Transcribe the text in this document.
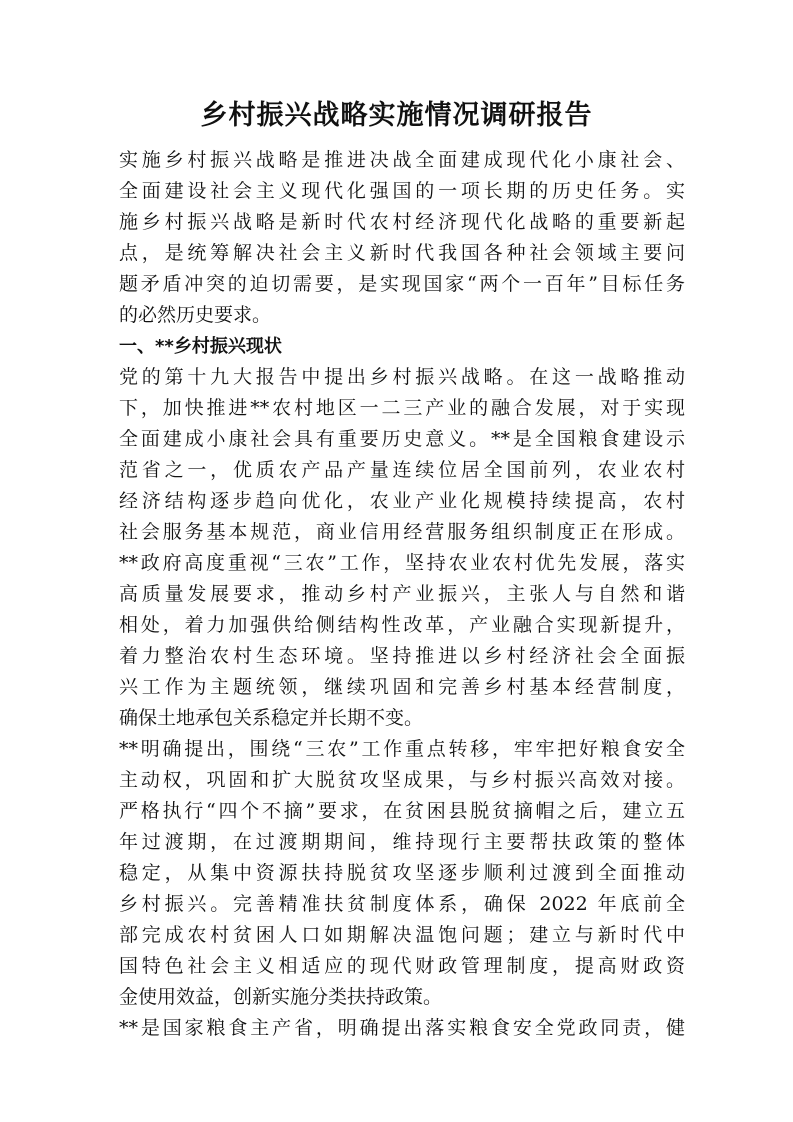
乡村振兴战略实施情况调研报告
实施乡村振兴战略是推进决战全面建成现代化小康社会、
全面建设社会主义现代化强国的一项长期的历史任务。实
施乡村振兴战略是新时代农村经济现代化战略的重要新起
点，是统筹解决社会主义新时代我国各种社会领域主要问
题矛盾冲突的迫切需要，是实现国家“两个一百年”目标任务
的必然历史要求。
一、**乡村振兴现状
党的第十九大报告中提出乡村振兴战略。在这一战略推动
下，加快推进**农村地区一二三产业的融合发展，对于实现
全面建成小康社会具有重要历史意义。**是全国粮食建设示
范省之一，优质农产品产量连续位居全国前列，农业农村
经济结构逐步趋向优化，农业产业化规模持续提高，农村
社会服务基本规范，商业信用经营服务组织制度正在形成。
**政府高度重视“三农”工作，坚持农业农村优先发展，落实
高质量发展要求，推动乡村产业振兴，主张人与自然和谐
相处，着力加强供给侧结构性改革，产业融合实现新提升，
着力整治农村生态环境。坚持推进以乡村经济社会全面振
兴工作为主题统领，继续巩固和完善乡村基本经营制度，
确保土地承包关系稳定并长期不变。
**明确提出，围绕“三农”工作重点转移，牢牢把好粮食安全
主动权，巩固和扩大脱贫攻坚成果，与乡村振兴高效对接。
严格执行“四个不摘”要求，在贫困县脱贫摘帽之后，建立五
年过渡期，在过渡期期间，维持现行主要帮扶政策的整体
稳定，从集中资源扶持脱贫攻坚逐步顺利过渡到全面推动
乡村振兴。完善精准扶贫制度体系，确保 2022 年底前全
部完成农村贫困人口如期解决温饱问题；建立与新时代中
国特色社会主义相适应的现代财政管理制度，提高财政资
金使用效益，创新实施分类扶持政策。
**是国家粮食主产省，明确提出落实粮食安全党政同责，健
